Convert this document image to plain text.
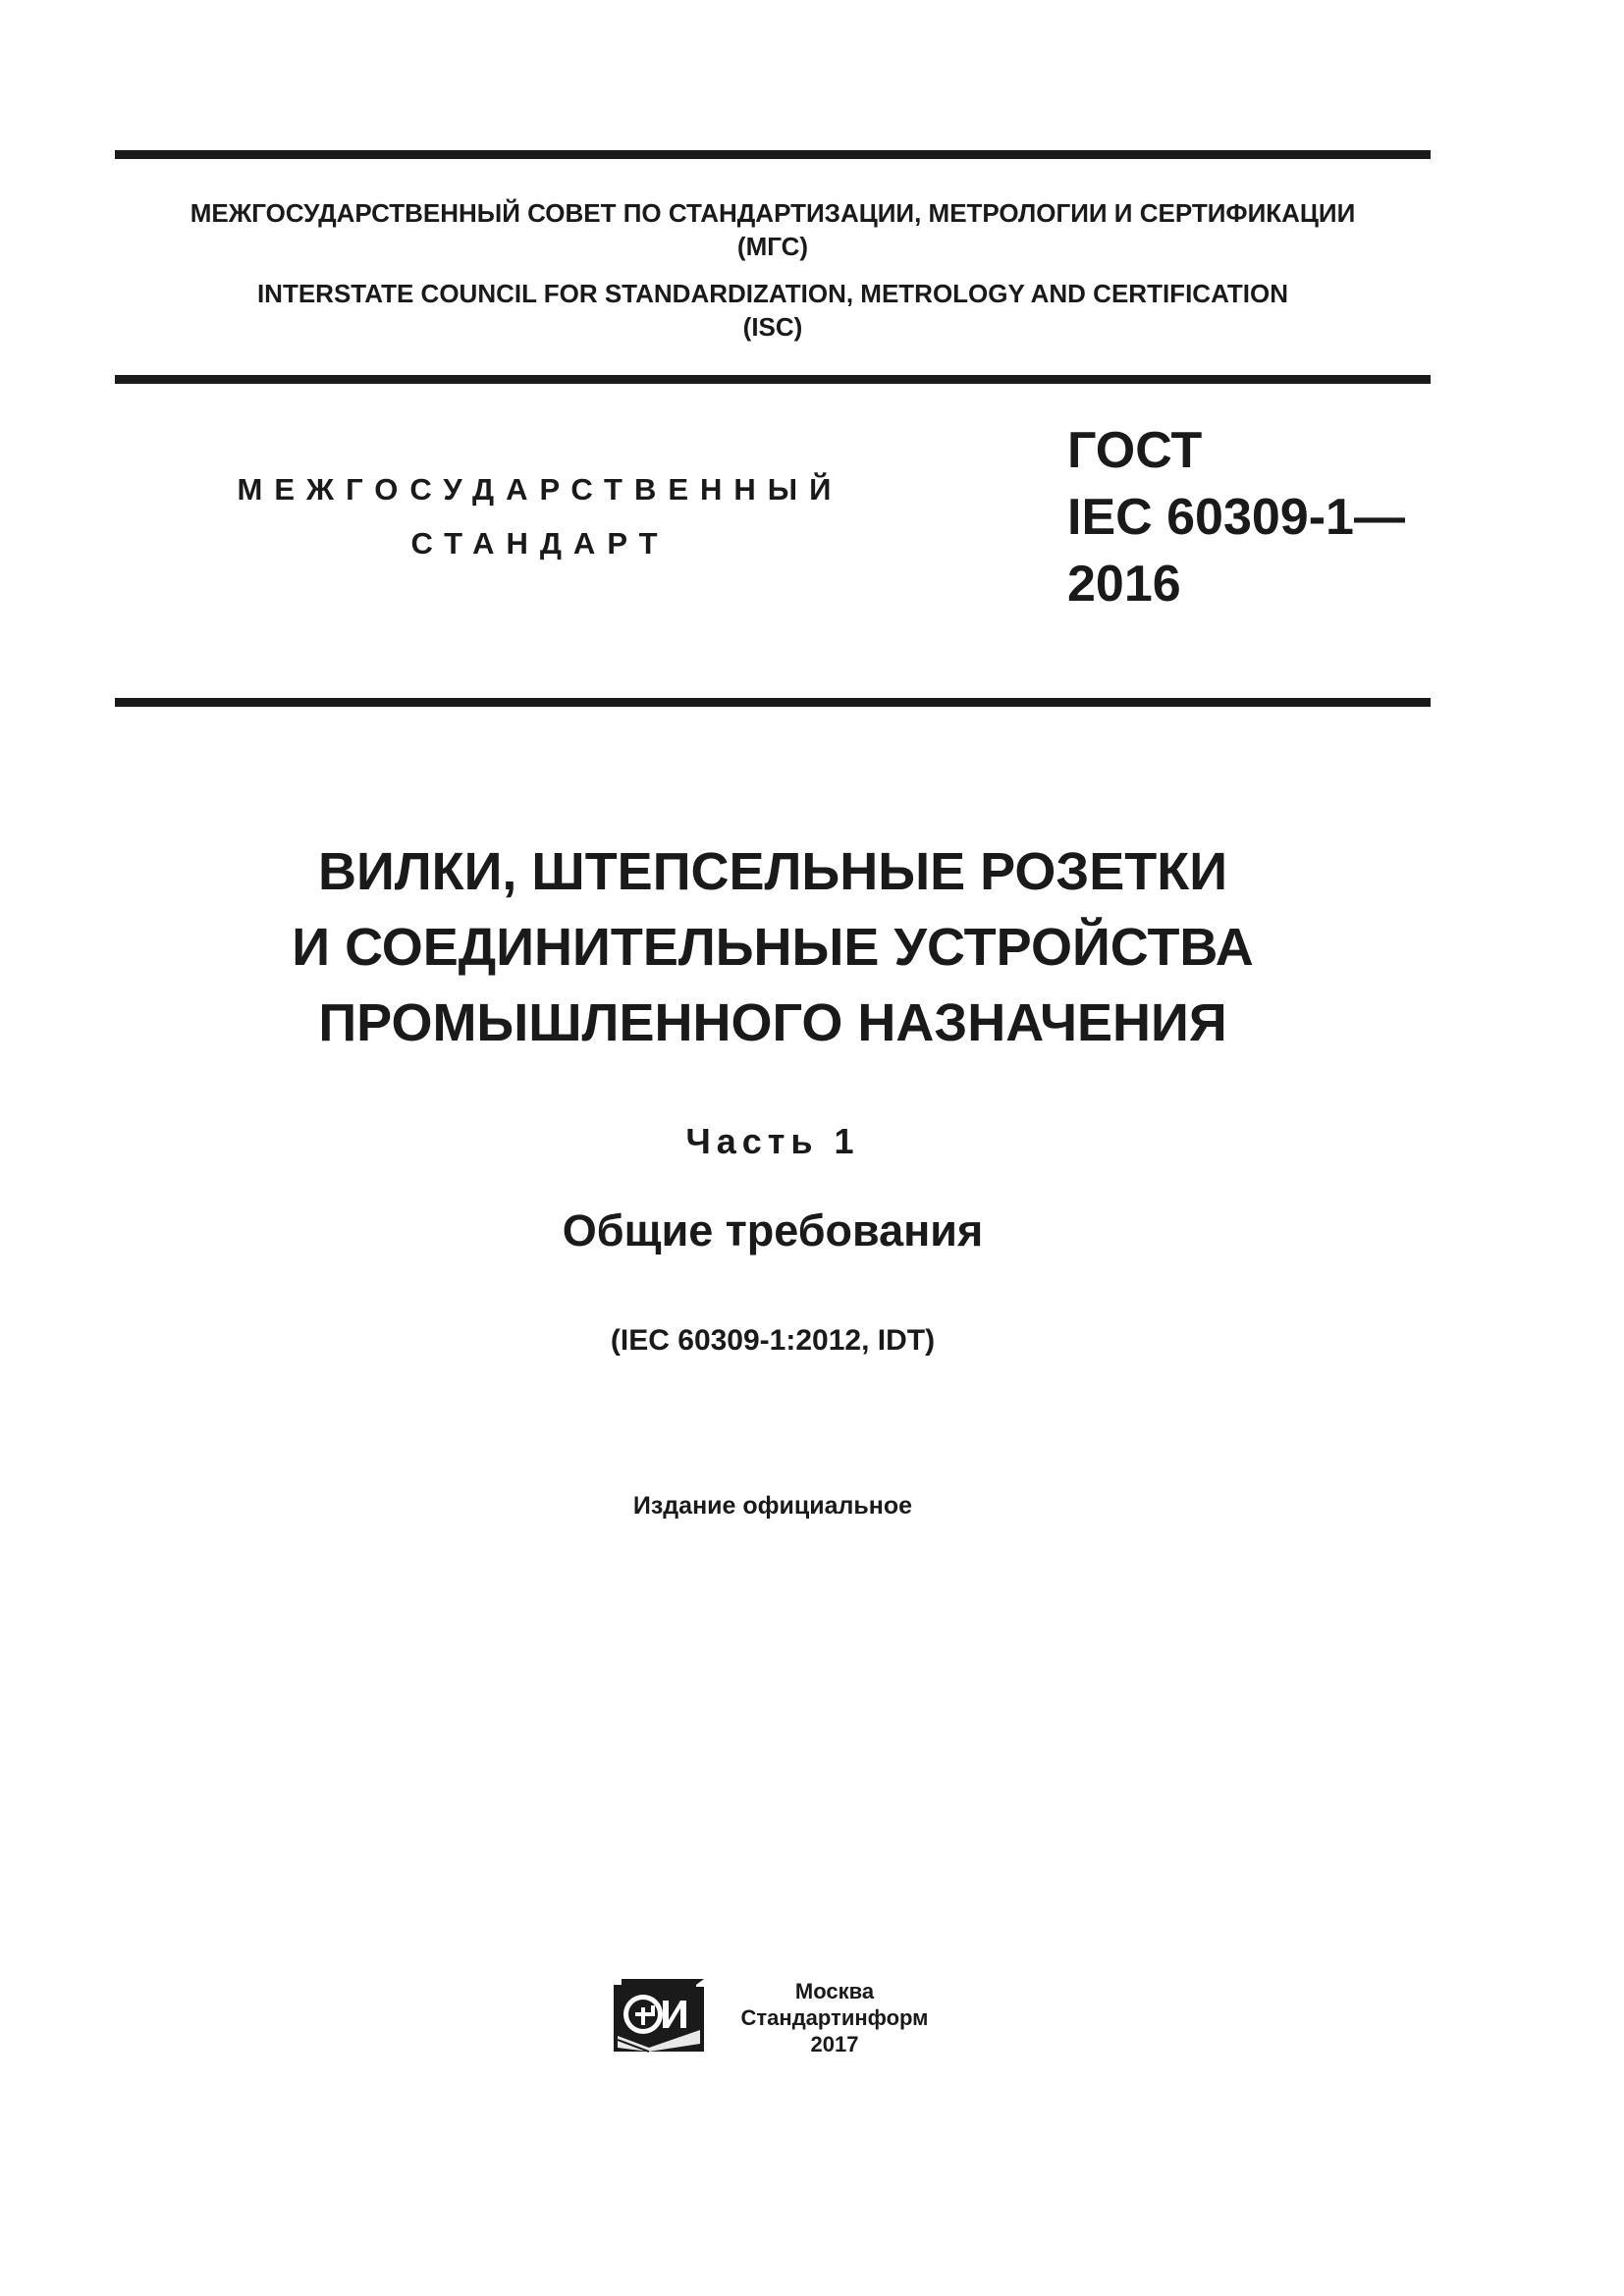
МЕЖГОСУДАРСТВЕННЫЙ СОВЕТ ПО СТАНДАРТИЗАЦИИ, МЕТРОЛОГИИ И СЕРТИФИКАЦИИ
(МГС)
INTERSTATE COUNCIL FOR STANDARDIZATION, METROLOGY AND CERTIFICATION
(ISC)
МЕЖГОСУДАРСТВЕННЫЙ
СТАНДАРТ
ГОСТ
IEC 60309-1—
2016
ВИЛКИ, ШТЕПСЕЛЬНЫЕ РОЗЕТКИ
И СОЕДИНИТЕЛЬНЫЕ УСТРОЙСТВА
ПРОМЫШЛЕННОГО НАЗНАЧЕНИЯ
Часть 1
Общие требования
(IEC 60309-1:2012, IDT)
Издание официальное
Москва
Стандартинформ
2017
